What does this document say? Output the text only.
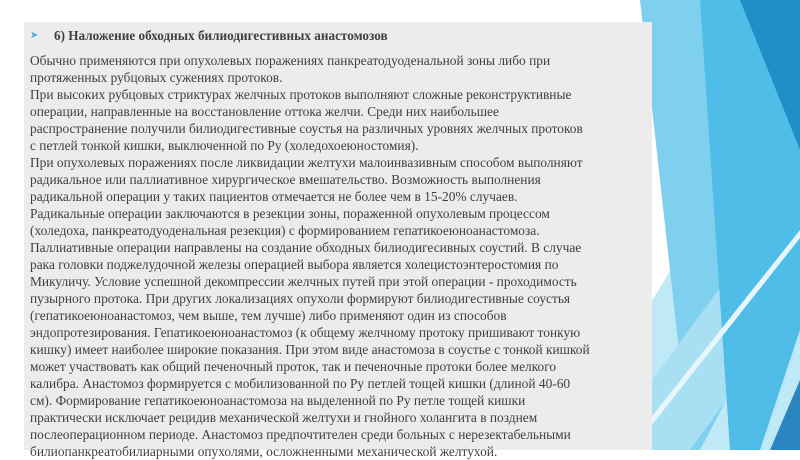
➤ 6) Наложение обходных билиодигестивных анастомозов
Обычно применяются при опухолевых поражениях панкреатодуоденальной зоны либо при
протяженных рубцовых сужениях протоков.
При высоких рубцовых стриктурах желчных протоков выполняют сложные реконструктивные
операции, направленные на восстановление оттока желчи. Среди них наибольшее
распространение получили билиодигестивные соустья на различных уровнях желчных протоков
с петлей тонкой кишки, выключенной по Ру (холедохоеюностомия).
При опухолевых поражениях после ликвидации желтухи малоинвазивным способом выполняют
радикальное или паллиативное хирургическое вмешательство. Возможность выполнения
радикальной операции у таких пациентов отмечается не более чем в 15-20% случаев.
Радикальные операции заключаются в резекции зоны, пораженной опухолевым процессом
(холедоха, панкреатодуоденальная резекция) с формированием гепатикоеюноанастомоза.
Паллиативные операции направлены на создание обходных билиодигесивных соустий. В случае
рака головки поджелудочной железы операцией выбора является холецистоэнтеростомия по
Микуличу. Условие успешной декомпрессии желчных путей при этой операции - проходимость
пузырного протока. При других локализациях опухоли формируют билиодигестивные соустья
(гепатикоеюноанастомоз, чем выше, тем лучше) либо применяют один из способов
эндопротезирования. Гепатикоеюноанастомоз (к общему желчному протоку пришивают тонкую
кишку) имеет наиболее широкие показания. При этом виде анастомоза в соустье с тонкой кишкой
может участвовать как общий печеночный проток, так и печеночные протоки более мелкого
калибра. Анастомоз формируется с мобилизованной по Ру петлей тощей кишки (длиной 40-60
см). Формирование гепатикоеюноанастомоза на выделенной по Ру петле тощей кишки
практически исключает рецидив механической желтухи и гнойного холангита в позднем
послеоперационном периоде. Анастомоз предпочтителен среди больных с нерезектабельными
билиопанкреатобилиарными опухолями, осложненными механической желтухой.
